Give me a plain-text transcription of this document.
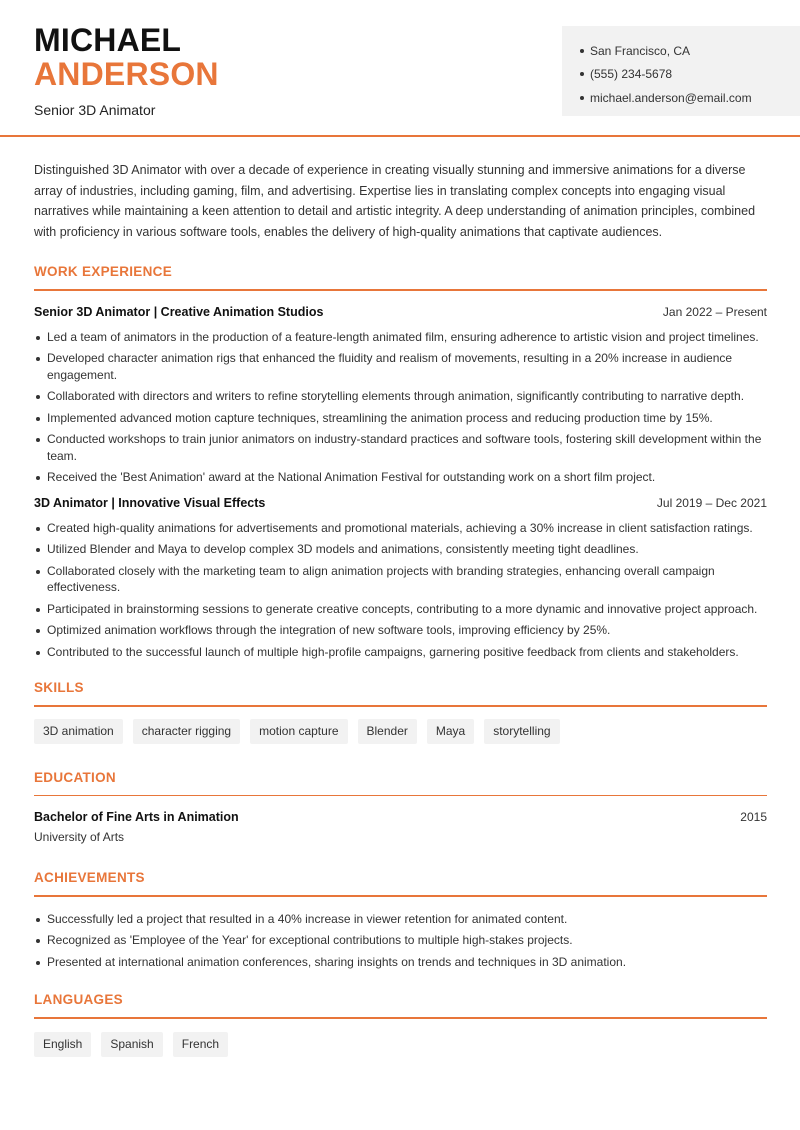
MICHAEL
ANDERSON
Senior 3D Animator
San Francisco, CA
(555) 234-5678
michael.anderson@email.com

Distinguished 3D Animator with over a decade of experience in creating visually stunning and immersive animations for a diverse array of industries, including gaming, film, and advertising. Expertise lies in translating complex concepts into engaging visual narratives while maintaining a keen attention to detail and artistic integrity. A deep understanding of animation principles, combined with proficiency in various software tools, enables the delivery of high-quality animations that captivate audiences.

WORK EXPERIENCE
Senior 3D Animator | Creative Animation Studios	Jan 2022 – Present
Led a team of animators in the production of a feature-length animated film, ensuring adherence to artistic vision and project timelines.
Developed character animation rigs that enhanced the fluidity and realism of movements, resulting in a 20% increase in audience engagement.
Collaborated with directors and writers to refine storytelling elements through animation, significantly contributing to narrative depth.
Implemented advanced motion capture techniques, streamlining the animation process and reducing production time by 15%.
Conducted workshops to train junior animators on industry-standard practices and software tools, fostering skill development within the team.
Received the 'Best Animation' award at the National Animation Festival for outstanding work on a short film project.
3D Animator | Innovative Visual Effects	Jul 2019 – Dec 2021
Created high-quality animations for advertisements and promotional materials, achieving a 30% increase in client satisfaction ratings.
Utilized Blender and Maya to develop complex 3D models and animations, consistently meeting tight deadlines.
Collaborated closely with the marketing team to align animation projects with branding strategies, enhancing overall campaign effectiveness.
Participated in brainstorming sessions to generate creative concepts, contributing to a more dynamic and innovative project approach.
Optimized animation workflows through the integration of new software tools, improving efficiency by 25%.
Contributed to the successful launch of multiple high-profile campaigns, garnering positive feedback from clients and stakeholders.
SKILLS
3D animation	character rigging	motion capture	Blender	Maya	storytelling
EDUCATION
Bachelor of Fine Arts in Animation	2015
University of Arts
ACHIEVEMENTS
Successfully led a project that resulted in a 40% increase in viewer retention for animated content.
Recognized as 'Employee of the Year' for exceptional contributions to multiple high-stakes projects.
Presented at international animation conferences, sharing insights on trends and techniques in 3D animation.
LANGUAGES
English	Spanish	French
